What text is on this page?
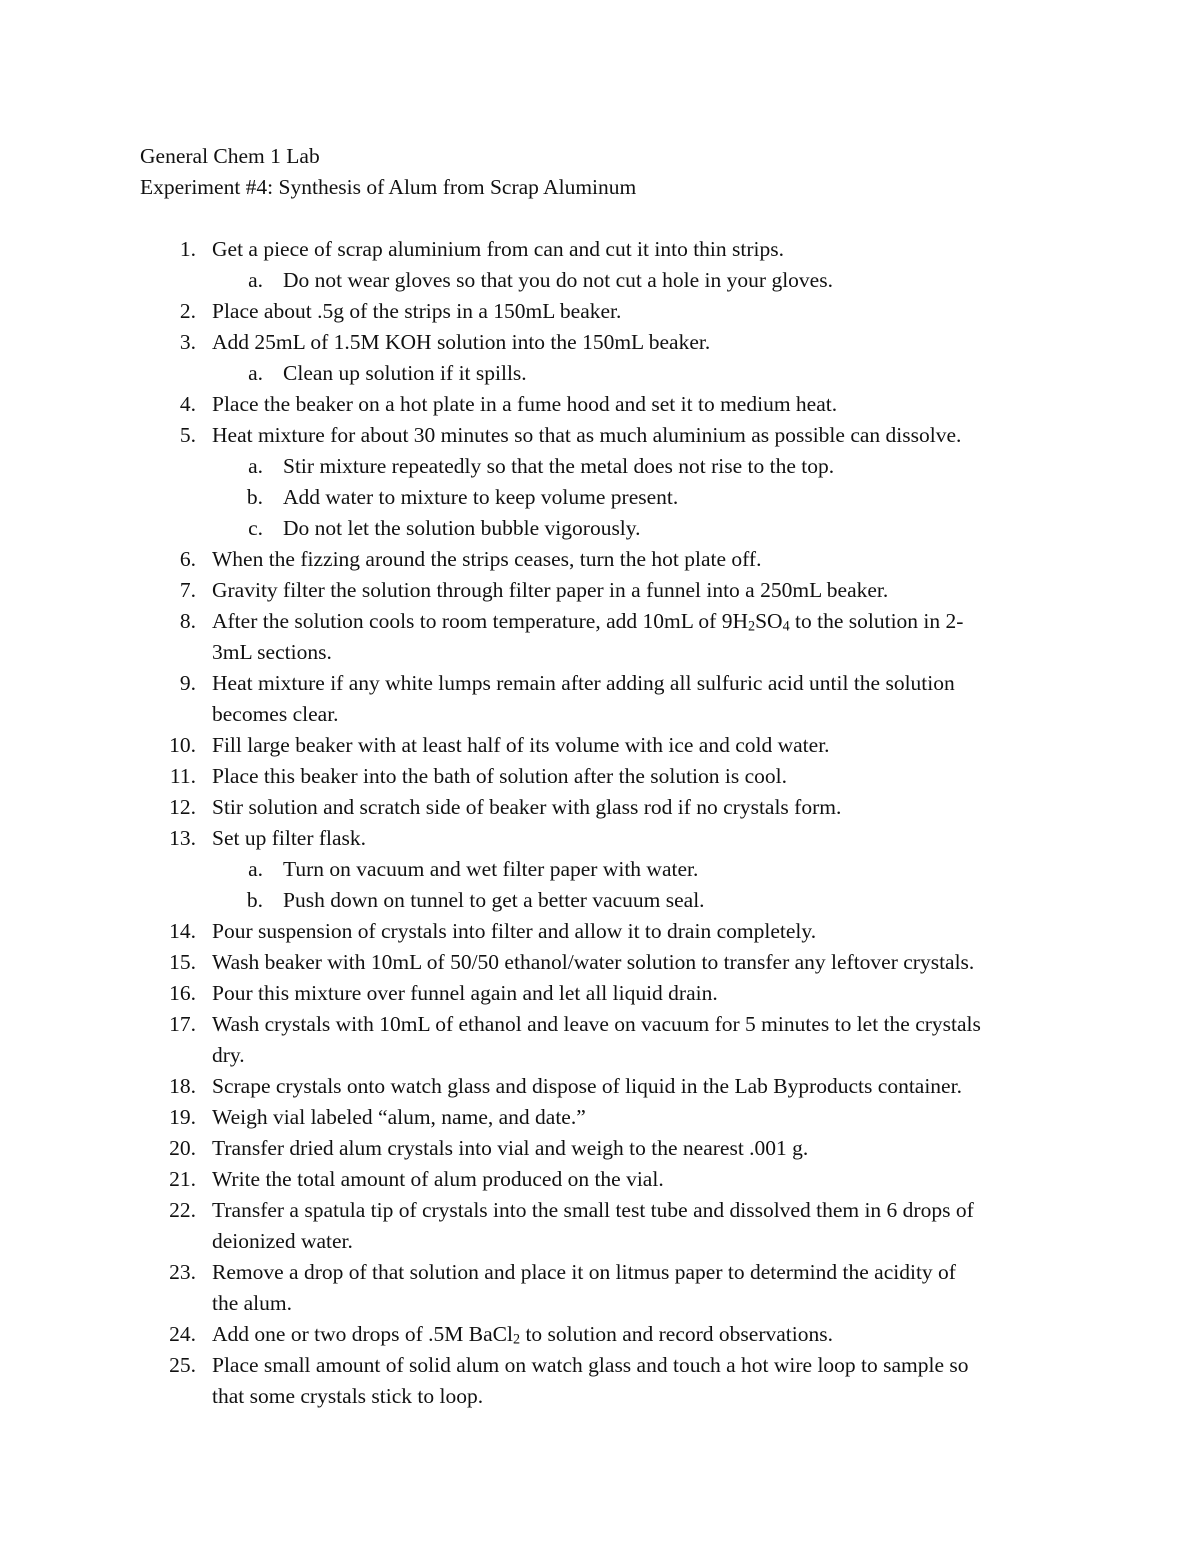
General Chem 1 Lab
Experiment #4: Synthesis of Alum from Scrap Aluminum
1. Get a piece of scrap aluminium from can and cut it into thin strips.
a. Do not wear gloves so that you do not cut a hole in your gloves.
2. Place about .5g of the strips in a 150mL beaker.
3. Add 25mL of 1.5M KOH solution into the 150mL beaker.
a. Clean up solution if it spills.
4. Place the beaker on a hot plate in a fume hood and set it to medium heat.
5. Heat mixture for about 30 minutes so that as much aluminium as possible can dissolve.
a. Stir mixture repeatedly so that the metal does not rise to the top.
b. Add water to mixture to keep volume present.
c. Do not let the solution bubble vigorously.
6. When the fizzing around the strips ceases, turn the hot plate off.
7. Gravity filter the solution through filter paper in a funnel into a 250mL beaker.
8. After the solution cools to room temperature, add 10mL of $9H_2SO_4$ to the solution in 2-
3mL sections.
9. Heat mixture if any white lumps remain after adding all sulfuric acid until the solution
becomes clear.
10. Fill large beaker with at least half of its volume with ice and cold water.
11. Place this beaker into the bath of solution after the solution is cool.
12. Stir solution and scratch side of beaker with glass rod if no crystals form.
13. Set up filter flask.
a. Turn on vacuum and wet filter paper with water.
b. Push down on tunnel to get a better vacuum seal.
14. Pour suspension of crystals into filter and allow it to drain completely.
15. Wash beaker with 10mL of 50/50 ethanol/water solution to transfer any leftover crystals.
16. Pour this mixture over funnel again and let all liquid drain.
17. Wash crystals with 10mL of ethanol and leave on vacuum for 5 minutes to let the crystals
dry.
18. Scrape crystals onto watch glass and dispose of liquid in the Lab Byproducts container.
19. Weigh vial labeled “alum, name, and date.”
20. Transfer dried alum crystals into vial and weigh to the nearest .001 g.
21. Write the total amount of alum produced on the vial.
22. Transfer a spatula tip of crystals into the small test tube and dissolved them in 6 drops of
deionized water.
23. Remove a drop of that solution and place it on litmus paper to determind the acidity of
the alum.
24. Add one or two drops of .5M BaCl$_2$ to solution and record observations.
25. Place small amount of solid alum on watch glass and touch a hot wire loop to sample so
that some crystals stick to loop.
